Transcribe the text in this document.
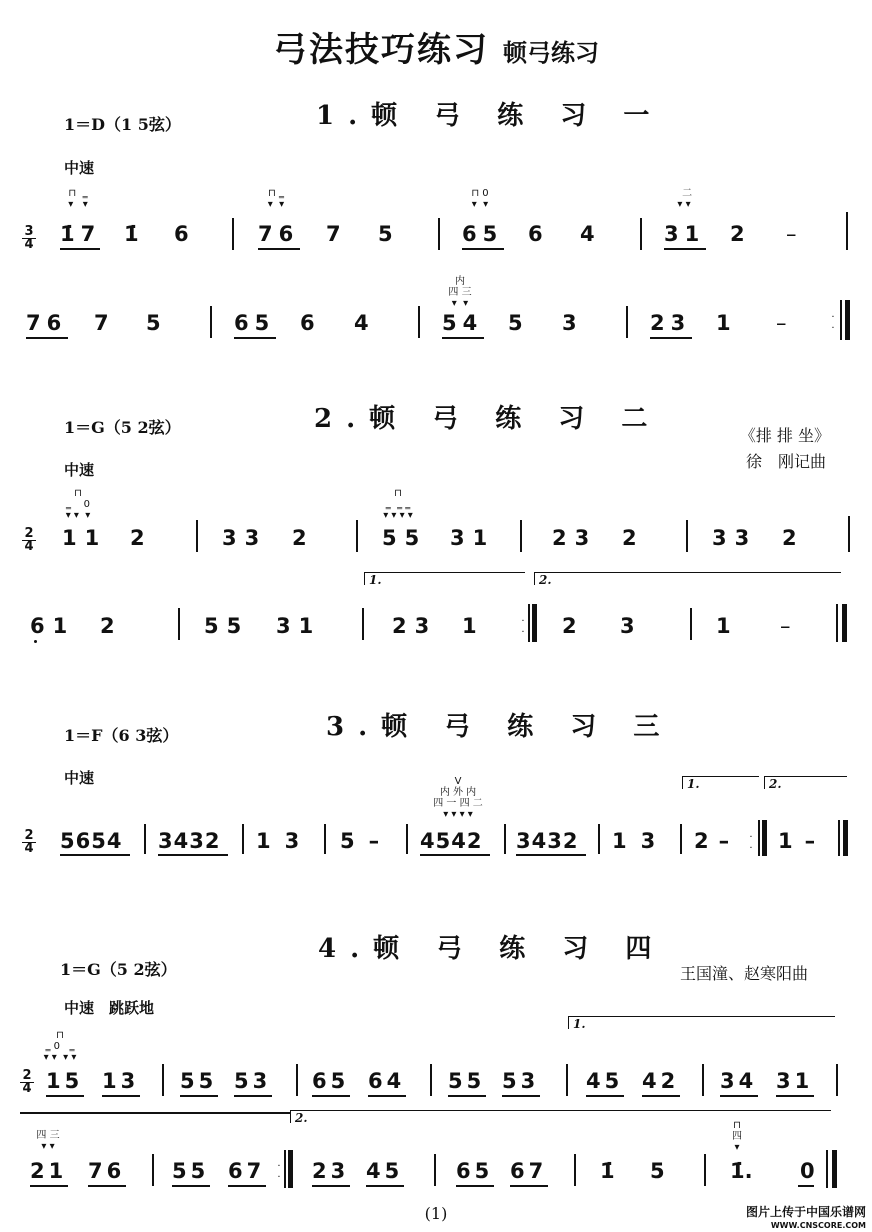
弓法技巧练习 顿弓练习
1.顿 弓 练 习 一
1＝D（1 5弦）
中速
3
4 1̇7 1̇ 6	76 7 5	65 6 4	31 2 –
⊓  ‗
▾   ▾
⊓ ‗
▾  ▾
⊓ 0
▾  ▾
二
▾ ▾
76 7 5	65 6 4	54 5 3	23 1 –	·
·
内
四 三
▾  ▾
2.顿 弓 练 习 二
1＝G（5 2弦）
中速
《排 排 坐》
徐　刚记曲
2
4 11 2	33 2	55 31	23 2	33 2
⊓
‗    0
▾ ▾  ▾
⊓
‗  ‗ ‗
▾ ▾ ▾ ▾
61 2	55 31
1.
23 1	·
·
2.
2 3	1 –
3.顿 弓 练 习 三
1＝F（6 3弦）
中速
2
4 5654 3432 13 5– 4542 3432 13
1.
2– ·
·
2.
1–
V
内 外 内
四 一 四 二
▾ ▾ ▾ ▾
4.顿 弓 练 习 四
1＝G（5 2弦）	王国潼、赵寒阳曲
中速　跳跃地
2
4 15 13 55 53 65 64 55 53
1.
45 42 34 31
⊓
‗ 0   ‗
▾ ▾  ▾ ▾
21 76 55 67 ·
·
2.
23 45	65 67	1̇ 5	1̇. 0
四 三
▾ ▾
⊓
四
▾
(1)	图片上传于中国乐谱网
WWW.CNSCORE.COM
